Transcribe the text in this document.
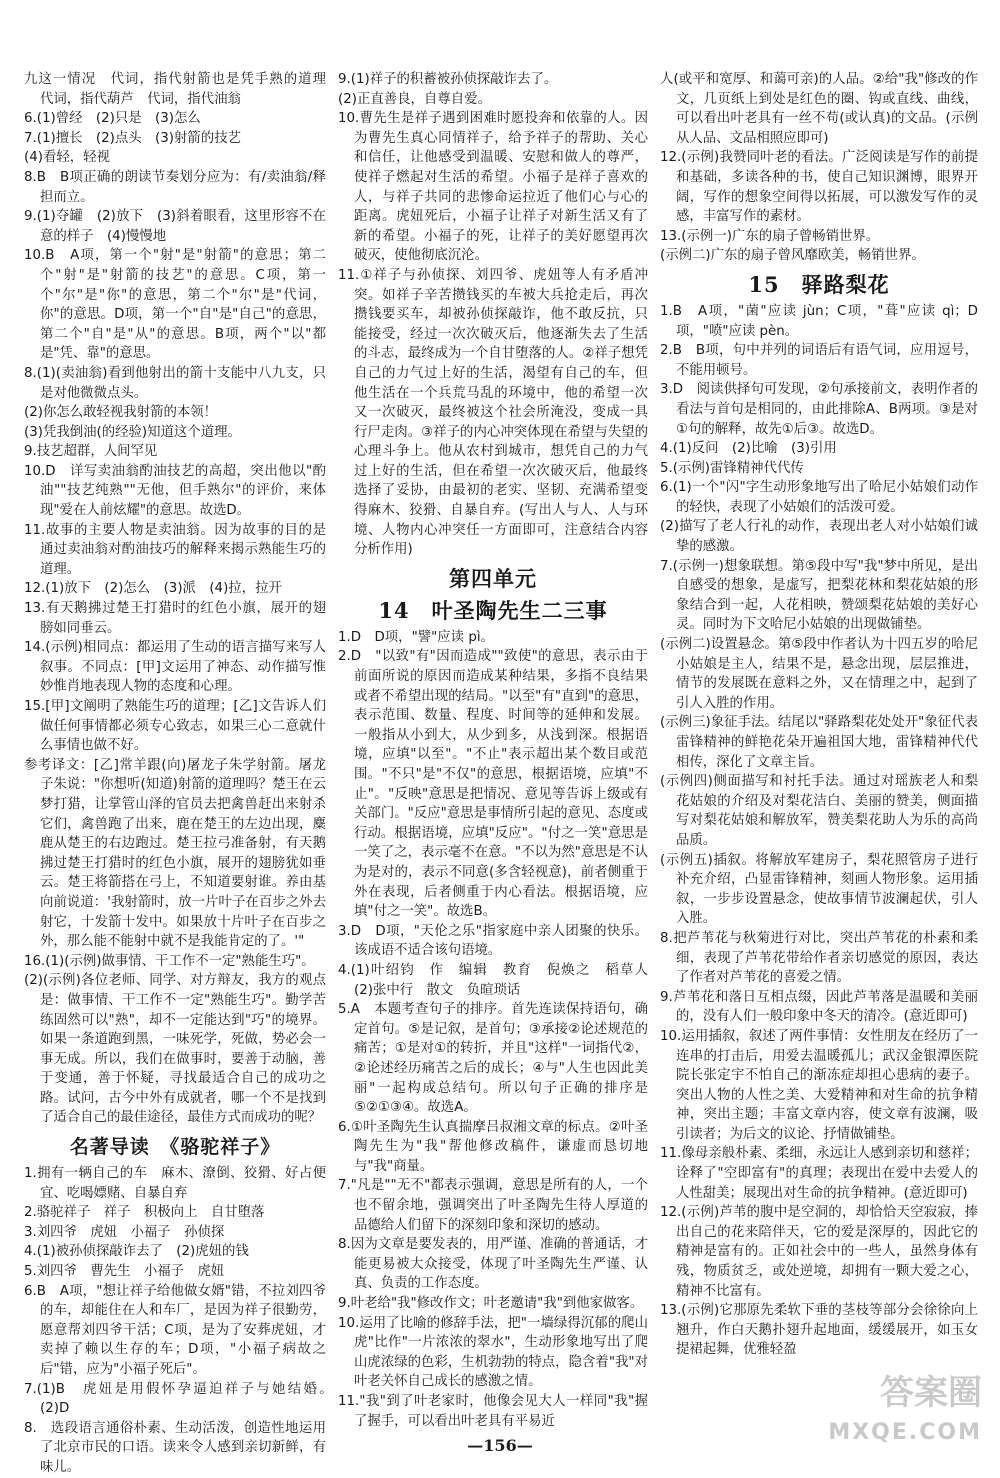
九这一情况　代词，指代射箭也是凭手熟的道理　代词，指代葫芦　代词，指代油翁
6.(1)曾经　(2)只是　(3)怎么
7.(1)擅长　(2)点头　(3)射箭的技艺
(4)看轻，轻视
8.B　B项正确的朗读节奏划分应为：有/卖油翁/释担而立。
9.(1)夺罐　(2)放下　(3)斜着眼看，这里形容不在意的样子　(4)慢慢地
10.B　A项，第一个"射"是"射箭"的意思；第二个"射"是"射箭的技艺"的意思。C项，第一个"尔"是"你"的意思，第二个"尔"是"代词，你"的意思。D项，第一个"自"是"自己"的意思，第二个"自"是"从"的意思。B项，两个"以"都是"凭、靠"的意思。
8.(1)(卖油翁)看到他射出的箭十支能中八九支，只是对他微微点头。
(2)你怎么敢轻视我射箭的本领！
(3)凭我倒油(的经验)知道这个道理。
9.技艺超群，人间罕见
10.D　详写卖油翁酌油技艺的高超，突出他以"酌油""技艺纯熟""无他，但手熟尔"的评价，来体现"爱在人前炫耀"的意思。故选D。
11.故事的主要人物是卖油翁。因为故事的目的是通过卖油翁对酌油技巧的解释来揭示熟能生巧的道理。
12.(1)放下　(2)怎么　(3)派　(4)拉，拉开
13.有天鹅拂过楚王打猎时的红色小旗，展开的翅膀如同垂云。
14.(示例)相同点：都运用了生动的语言描写来写人叙事。不同点：[甲]文运用了神态、动作描写惟妙惟肖地表现人物的态度和心理。
15.[甲]文阐明了熟能生巧的道理；[乙]文告诉人们做任何事情都必须专心致志，如果三心二意就什么事情也做不好。
参考译文：[乙]常羊跟(向)屠龙子朱学射箭。屠龙子朱说："你想听(知道)射箭的道理吗？楚王在云梦打猎，让掌管山泽的官员去把禽兽赶出来射杀它们，禽兽跑了出来，鹿在楚王的左边出现，麋鹿从楚王的右边跑过。楚王拉弓准备射，有天鹅拂过楚王打猎时的红色小旗，展开的翅膀犹如垂云。楚王将箭搭在弓上，不知道要射谁。养由基向前说道：'我射箭时，放一片叶子在百步之外去射它，十发箭十发中。如果放十片叶子在百步之外，那么能不能射中就不是我能肯定的了。'"
16.(1)(示例)做事情、干工作不一定"熟能生巧"。
(2)(示例)各位老师、同学、对方辩友，我方的观点是：做事情、干工作不一定"熟能生巧"。勤学苦练固然可以"熟"，却不一定能达到"巧"的境界。如果一条道跑到黑，一味死学，死做，势必会一事无成。所以，我们在做事时，要善于动脑，善于变通，善于怀疑，寻找最适合自己的成功之路。试问，古今中外有成就者，哪一个不是找到了适合自己的最佳途径，最佳方式而成功的呢？
名著导读　《骆驼祥子》
1.拥有一辆自己的车　麻木、潦倒、狡猾、好占便宜、吃喝嫖赌、自暴自弃
2.骆驼祥子　祥子　积极向上　自甘堕落
3.刘四爷　虎妞　小福子　孙侦探
4.(1)被孙侦探敲诈去了　(2)虎妞的钱
5.刘四爷　曹先生　小福子　虎妞
6.B　A项，"想让祥子给他做女婿"错，不拉刘四爷的车，却能住在人和车厂，是因为祥子很勤劳，愿意帮刘四爷干活；C项，是为了安葬虎妞，才卖掉了赖以生存的车；D项，"小福子病故之后"错，应为"小福子死后"。
7.(1)B　虎妞是用假怀孕逼迫祥子与她结婚。　(2)D
8.　选段语言通俗朴素、生动活泼，创造性地运用了北京市民的口语。读来令人感到亲切新鲜，有味儿。
9.(1)祥子的积蓄被孙侦探敲诈去了。
(2)正直善良，自尊自爱。
10.曹先生是祥子遇到困难时愿投奔和依靠的人。因为曹先生真心同情祥子，给予祥子的帮助、关心和信任，让他感受到温暖、安慰和做人的尊严，使祥子燃起对生活的希望。小福子是祥子喜欢的人，与祥子共同的悲惨命运拉近了他们心与心的距离。虎妞死后，小福子让祥子对新生活又有了新的希望。小福子的死，让祥子的美好愿望再次破灭，使他彻底沉沦。
11.①祥子与孙侦探、刘四爷、虎妞等人有矛盾冲突。如祥子辛苦攒钱买的车被大兵抢走后，再次攒钱要买车，却被孙侦探敲诈，他不敢反抗，只能接受，经过一次次破灭后，他逐渐失去了生活的斗志，最终成为一个自甘堕落的人。②祥子想凭自己的力气过上好的生活，渴望有自己的车，但他生活在一个兵荒马乱的环境中，他的希望一次又一次破灭，最终被这个社会所淹没，变成一具行尸走肉。③祥子的内心冲突体现在希望与失望的心理斗争上。他从农村到城市，想凭自己的力气过上好的生活，但在希望一次次破灭后，他最终选择了妥协，由最初的老实、坚韧、充满希望变得麻木、狡猾、自暴自弃。(写出人与人、人与环境、人物内心冲突任一方面即可，注意结合内容分析作用)
第四单元
14　叶圣陶先生二三事
1.D　D项，"譬"应读 pì。
2.D　"以致"有"因而造成""致使"的意思，表示由于前面所说的原因而造成某种结果，多指不良结果或者不希望出现的结局。"以至"有"直到"的意思，表示范围、数量、程度、时间等的延伸和发展。一般指从小到大，从少到多，从浅到深。根据语境，应填"以至"。"不止"表示超出某个数目或范围。"不只"是"不仅"的意思，根据语境，应填"不止"。"反映"意思是把情况、意见等告诉上级或有关部门。"反应"意思是事情所引起的意见、态度或行动。根据语境，应填"反应"。"付之一笑"意思是一笑了之，表示毫不在意。"不以为然"意思是不认为是对的，表示不同意(多含轻视意)，前者侧重于外在表现，后者侧重于内心看法。根据语境，应填"付之一笑"。故选B。
3.D　D项，"天伦之乐"指家庭中亲人团聚的快乐。该成语不适合该句语境。
4.(1)叶绍钧　作　编辑　教育　倪焕之　稻草人　(2)张中行　散文　负暄琐话
5.A　本题考查句子的排序。首先连读保持语句，确定首句。⑤是记叙，是首句；③承接②论述规范的痛苦；①是对①的转折，并且"这样"一词指代②，②论述经历痛苦之后的成长；④与"人生也因此美丽"一起构成总结句。所以句子正确的排序是⑤②①③④。故选A。
6.①叶圣陶先生认真揣摩吕叔湘文章的标点。②叶圣陶先生为"我"帮他修改稿件，谦虚而恳切地与"我"商量。
7."凡是""无不"都表示强调，意思是所有的人，一个也不留余地，强调突出了叶圣陶先生待人厚道的品德给人们留下的深刻印象和深切的感动。
8.因为文章是要发表的，用严谨、准确的普通话，才能更易被大众接受，体现了叶圣陶先生严谨、认真、负责的工作态度。
9.叶老给"我"修改作文；叶老邀请"我"到他家做客。
10.运用了比喻的修辞手法，把"一墙绿得沉郁的爬山虎"比作"一片浓浓的翠水"，生动形象地写出了爬山虎浓绿的色彩，生机勃勃的特点，隐含着"我"对叶老关怀自己成长的感激之情。
11."我"到了叶老家时，他像会见大人一样同"我"握了握手，可以看出叶老具有平易近
人(或平和宽厚、和蔼可亲)的人品。②给"我"修改的作文，几页纸上到处是红色的圈、钩或直线、曲线，可以看出叶老具有一丝不苟(或认真)的文品。(示例从人品、文品相照应即可)
12.(示例)我赞同叶老的看法。广泛阅读是写作的前提和基础，多读各种的书，使自己知识渊博，眼界开阔，写作的想象空间得以拓展，可以激发写作的灵感，丰富写作的素材。
13.(示例一)广东的扇子曾畅销世界。
(示例二)广东的扇子曾风靡欧美，畅销世界。
15　驿路梨花
1.B　A项，"菌"应读 jùn；C项，"葺"应读 qì；D项，"喷"应读 pèn。
2.B　B项，句中并列的词语后有语气词，应用逗号，不能用顿号。
3.D　阅读供择句可发现，②句承接前文，表明作者的看法与首句是相同的，由此排除A、B两项。③是对①句的解释，故先①后③。故选D。
4.(1)反问　(2)比喻　(3)引用
5.(示例)雷锋精神代代传
6.(1)一个"闪"字生动形象地写出了哈尼小姑娘们动作的轻快，表现了小姑娘们的活泼可爱。
(2)描写了老人行礼的动作，表现出老人对小姑娘们诚挚的感激。
7.(示例一)想象联想。第⑤段中写"我"梦中所见，是出自感受的想象，是虚写，把梨花林和梨花姑娘的形象结合到一起，人花相映，赞颂梨花姑娘的美好心灵。同时为下文哈尼小姑娘的出现做铺垫。
(示例二)设置悬念。第⑤段中作者认为十四五岁的哈尼小姑娘是主人，结果不是，悬念出现，层层推进，情节的发展既在意料之外，又在情理之中，起到了引人入胜的作用。
(示例三)象征手法。结尾以"驿路梨花处处开"象征代表雷锋精神的鲜艳花朵开遍祖国大地，雷锋精神代代相传，深化了文章主旨。
(示例四)侧面描写和衬托手法。通过对瑶族老人和梨花姑娘的介绍及对梨花洁白、美丽的赞美，侧面描写对梨花姑娘和解放军，赞美梨花助人为乐的高尚品质。
(示例五)插叙。将解放军建房子，梨花照管房子进行补充介绍，凸显雷锋精神，刻画人物形象。运用插叙，一步步设置悬念，使故事情节波澜起伏，引人入胜。
8.把芦苇花与秋菊进行对比，突出芦苇花的朴素和柔细，表现了芦苇花带给作者亲切感觉的原因，表达了作者对芦苇花的喜爱之情。
9.芦苇花和落日互相点缀，因此芦苇落是温暖和美丽的，没有人们一般印象中冬天的清冷。(意近即可)
10.运用插叙，叙述了两件事情：女性朋友在经历了一连串的打击后，用爱去温暖孤儿；武汉金银潭医院院长张定宇不怕自己的渐冻症却担心患病的妻子。突出人物的人性之美、大爱精神和对生命的抗争精神，突出主题；丰富文章内容，使文章有波澜，吸引读者；为后文的议论、抒情做铺垫。
11.像母亲般朴素、柔细，永远让人感到亲切和慈祥；诠释了"空即富有"的真理；表现出在爱中去爱人的人性甜美；展现出对生命的抗争精神。(意近即可)
12.(示例)芦苇的腹中是空洞的，却恰恰天空寂寂，捧出自己的花来陪伴天，它的爱是深厚的，因此它的精神是富有的。正如社会中的一些人，虽然身体有残，物质贫乏，或处逆境，却拥有一颗大爱之心，精神不比富有。
13.(示例)它那原先柔软下垂的茎枝等部分会徐徐向上翘升，作白天鹅扑翅升起地面，缓缓展开，如玉女提裙起舞，优雅轻盈
—156—
答案圈
MXQE.COM
